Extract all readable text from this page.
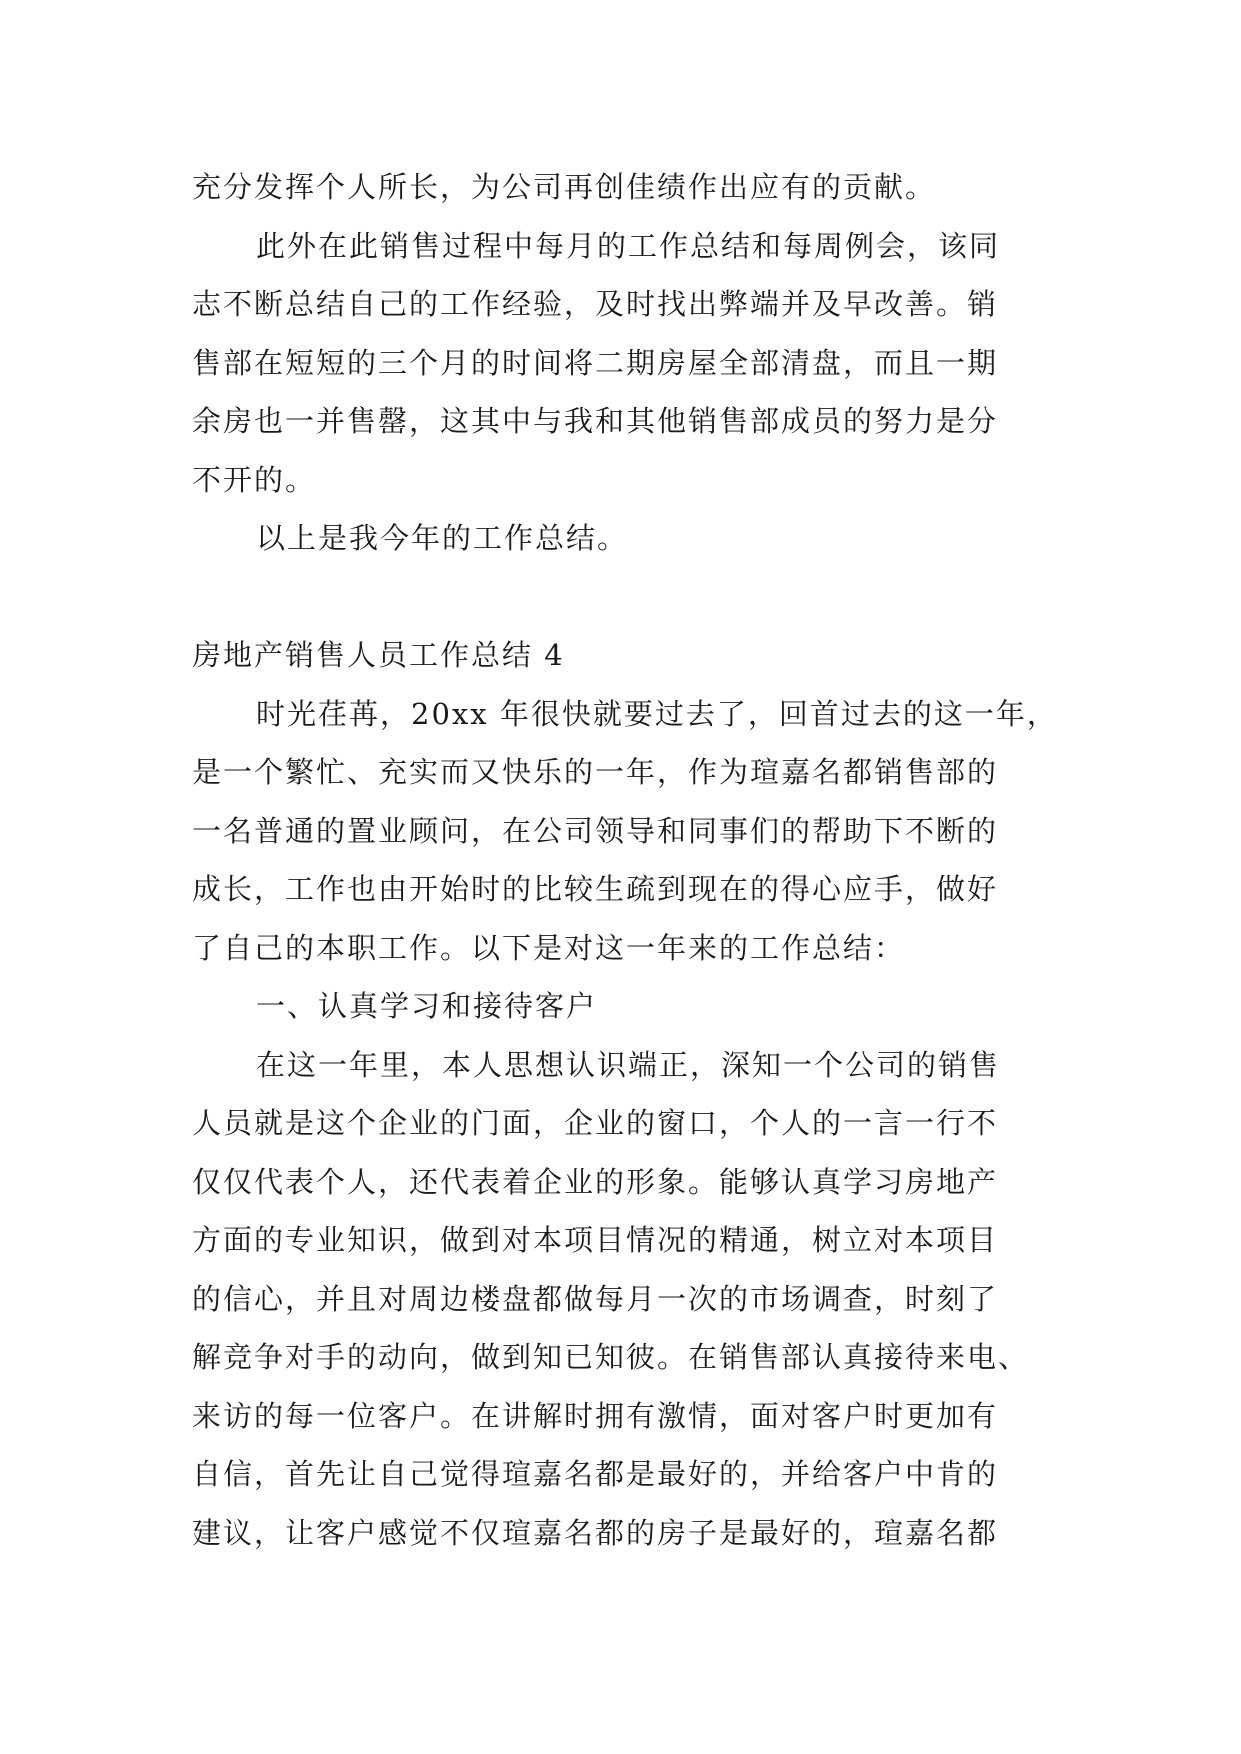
充分发挥个人所长，为公司再创佳绩作出应有的贡献。
此外在此销售过程中每月的工作总结和每周例会，该同
志不断总结自己的工作经验，及时找出弊端并及早改善。销
售部在短短的三个月的时间将二期房屋全部清盘，而且一期
余房也一并售罄，这其中与我和其他销售部成员的努力是分
不开的。
以上是我今年的工作总结。
房地产销售人员工作总结 4
时光荏苒，20xx 年很快就要过去了，回首过去的这一年，
是一个繁忙、充实而又快乐的一年，作为瑄嘉名都销售部的
一名普通的置业顾问，在公司领导和同事们的帮助下不断的
成长，工作也由开始时的比较生疏到现在的得心应手，做好
了自己的本职工作。以下是对这一年来的工作总结：
一、认真学习和接待客户
在这一年里，本人思想认识端正，深知一个公司的销售
人员就是这个企业的门面，企业的窗口，个人的一言一行不
仅仅代表个人，还代表着企业的形象。能够认真学习房地产
方面的专业知识，做到对本项目情况的精通，树立对本项目
的信心，并且对周边楼盘都做每月一次的市场调查，时刻了
解竞争对手的动向，做到知已知彼。在销售部认真接待来电、
来访的每一位客户。在讲解时拥有激情，面对客户时更加有
自信，首先让自己觉得瑄嘉名都是最好的，并给客户中肯的
建议，让客户感觉不仅瑄嘉名都的房子是最好的，瑄嘉名都
